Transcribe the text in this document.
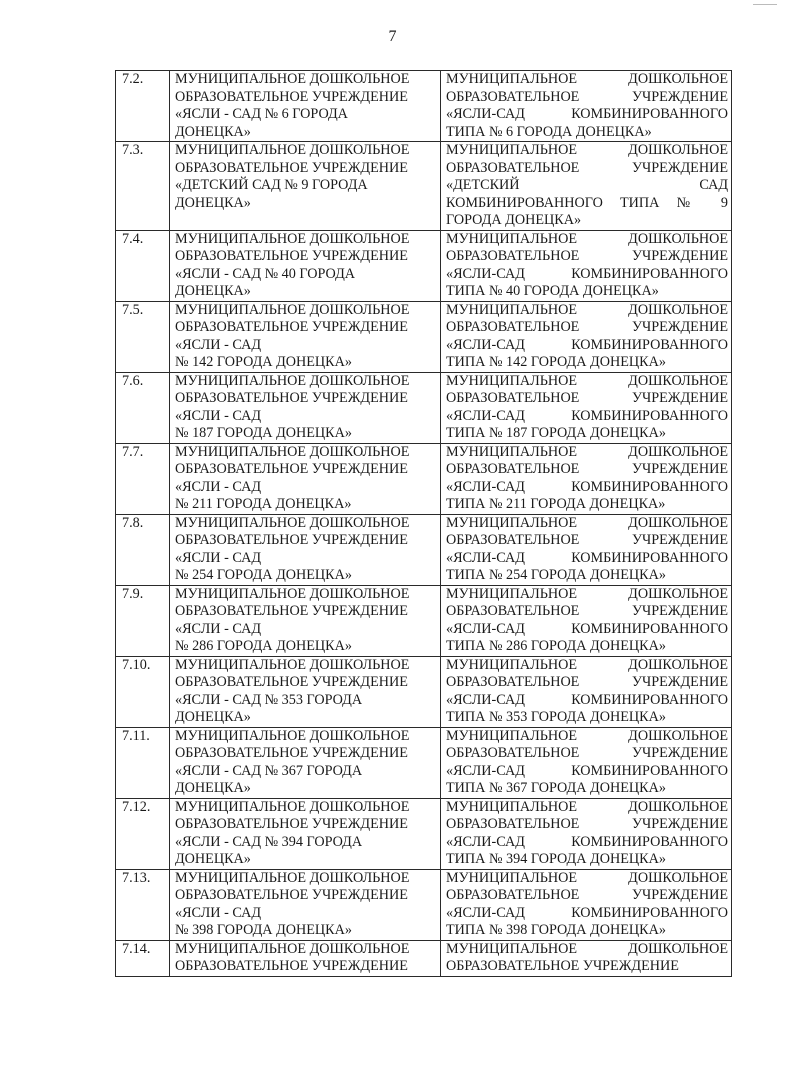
7
7.2.	МУНИЦИПАЛЬНОЕ ДОШКОЛЬНОЕ
ОБРАЗОВАТЕЛЬНОЕ УЧРЕЖДЕНИЕ
«ЯСЛИ - САД № 6 ГОРОДА
ДОНЕЦКА»	МУНИЦИПАЛЬНОЕ ДОШКОЛЬНОЕ
ОБРАЗОВАТЕЛЬНОЕ УЧРЕЖДЕНИЕ
«ЯСЛИ-САД КОМБИНИРОВАННОГО
ТИПА № 6 ГОРОДА ДОНЕЦКА»

7.3.	МУНИЦИПАЛЬНОЕ ДОШКОЛЬНОЕ
ОБРАЗОВАТЕЛЬНОЕ УЧРЕЖДЕНИЕ
«ДЕТСКИЙ САД № 9 ГОРОДА
ДОНЕЦКА»	МУНИЦИПАЛЬНОЕ ДОШКОЛЬНОЕ
ОБРАЗОВАТЕЛЬНОЕ УЧРЕЖДЕНИЕ
«ДЕТСКИЙ САД
КОМБИНИРОВАННОГО ТИПА № 9
ГОРОДА ДОНЕЦКА»

7.4.	МУНИЦИПАЛЬНОЕ ДОШКОЛЬНОЕ
ОБРАЗОВАТЕЛЬНОЕ УЧРЕЖДЕНИЕ
«ЯСЛИ - САД № 40 ГОРОДА
ДОНЕЦКА»	МУНИЦИПАЛЬНОЕ ДОШКОЛЬНОЕ
ОБРАЗОВАТЕЛЬНОЕ УЧРЕЖДЕНИЕ
«ЯСЛИ-САД КОМБИНИРОВАННОГО
ТИПА № 40 ГОРОДА ДОНЕЦКА»

7.5.	МУНИЦИПАЛЬНОЕ ДОШКОЛЬНОЕ
ОБРАЗОВАТЕЛЬНОЕ УЧРЕЖДЕНИЕ
«ЯСЛИ - САД
№ 142 ГОРОДА ДОНЕЦКА»	МУНИЦИПАЛЬНОЕ ДОШКОЛЬНОЕ
ОБРАЗОВАТЕЛЬНОЕ УЧРЕЖДЕНИЕ
«ЯСЛИ-САД КОМБИНИРОВАННОГО
ТИПА № 142 ГОРОДА ДОНЕЦКА»

7.6.	МУНИЦИПАЛЬНОЕ ДОШКОЛЬНОЕ
ОБРАЗОВАТЕЛЬНОЕ УЧРЕЖДЕНИЕ
«ЯСЛИ - САД
№ 187 ГОРОДА ДОНЕЦКА»	МУНИЦИПАЛЬНОЕ ДОШКОЛЬНОЕ
ОБРАЗОВАТЕЛЬНОЕ УЧРЕЖДЕНИЕ
«ЯСЛИ-САД КОМБИНИРОВАННОГО
ТИПА № 187 ГОРОДА ДОНЕЦКА»

7.7.	МУНИЦИПАЛЬНОЕ ДОШКОЛЬНОЕ
ОБРАЗОВАТЕЛЬНОЕ УЧРЕЖДЕНИЕ
«ЯСЛИ - САД
№ 211 ГОРОДА ДОНЕЦКА»	МУНИЦИПАЛЬНОЕ ДОШКОЛЬНОЕ
ОБРАЗОВАТЕЛЬНОЕ УЧРЕЖДЕНИЕ
«ЯСЛИ-САД КОМБИНИРОВАННОГО
ТИПА № 211 ГОРОДА ДОНЕЦКА»

7.8.	МУНИЦИПАЛЬНОЕ ДОШКОЛЬНОЕ
ОБРАЗОВАТЕЛЬНОЕ УЧРЕЖДЕНИЕ
«ЯСЛИ - САД
№ 254 ГОРОДА ДОНЕЦКА»	МУНИЦИПАЛЬНОЕ ДОШКОЛЬНОЕ
ОБРАЗОВАТЕЛЬНОЕ УЧРЕЖДЕНИЕ
«ЯСЛИ-САД КОМБИНИРОВАННОГО
ТИПА № 254 ГОРОДА ДОНЕЦКА»

7.9.	МУНИЦИПАЛЬНОЕ ДОШКОЛЬНОЕ
ОБРАЗОВАТЕЛЬНОЕ УЧРЕЖДЕНИЕ
«ЯСЛИ - САД
№ 286 ГОРОДА ДОНЕЦКА»	МУНИЦИПАЛЬНОЕ ДОШКОЛЬНОЕ
ОБРАЗОВАТЕЛЬНОЕ УЧРЕЖДЕНИЕ
«ЯСЛИ-САД КОМБИНИРОВАННОГО
ТИПА № 286 ГОРОДА ДОНЕЦКА»

7.10.	МУНИЦИПАЛЬНОЕ ДОШКОЛЬНОЕ
ОБРАЗОВАТЕЛЬНОЕ УЧРЕЖДЕНИЕ
«ЯСЛИ - САД № 353 ГОРОДА
ДОНЕЦКА»	МУНИЦИПАЛЬНОЕ ДОШКОЛЬНОЕ
ОБРАЗОВАТЕЛЬНОЕ УЧРЕЖДЕНИЕ
«ЯСЛИ-САД КОМБИНИРОВАННОГО
ТИПА № 353 ГОРОДА ДОНЕЦКА»

7.11.	МУНИЦИПАЛЬНОЕ ДОШКОЛЬНОЕ
ОБРАЗОВАТЕЛЬНОЕ УЧРЕЖДЕНИЕ
«ЯСЛИ - САД № 367 ГОРОДА
ДОНЕЦКА»	МУНИЦИПАЛЬНОЕ ДОШКОЛЬНОЕ
ОБРАЗОВАТЕЛЬНОЕ УЧРЕЖДЕНИЕ
«ЯСЛИ-САД КОМБИНИРОВАННОГО
ТИПА № 367 ГОРОДА ДОНЕЦКА»

7.12.	МУНИЦИПАЛЬНОЕ ДОШКОЛЬНОЕ
ОБРАЗОВАТЕЛЬНОЕ УЧРЕЖДЕНИЕ
«ЯСЛИ - САД № 394 ГОРОДА
ДОНЕЦКА»	МУНИЦИПАЛЬНОЕ ДОШКОЛЬНОЕ
ОБРАЗОВАТЕЛЬНОЕ УЧРЕЖДЕНИЕ
«ЯСЛИ-САД КОМБИНИРОВАННОГО
ТИПА № 394 ГОРОДА ДОНЕЦКА»

7.13.	МУНИЦИПАЛЬНОЕ ДОШКОЛЬНОЕ
ОБРАЗОВАТЕЛЬНОЕ УЧРЕЖДЕНИЕ
«ЯСЛИ - САД
№ 398 ГОРОДА ДОНЕЦКА»	МУНИЦИПАЛЬНОЕ ДОШКОЛЬНОЕ
ОБРАЗОВАТЕЛЬНОЕ УЧРЕЖДЕНИЕ
«ЯСЛИ-САД КОМБИНИРОВАННОГО
ТИПА № 398 ГОРОДА ДОНЕЦКА»

7.14.	МУНИЦИПАЛЬНОЕ ДОШКОЛЬНОЕ
ОБРАЗОВАТЕЛЬНОЕ УЧРЕЖДЕНИЕ	МУНИЦИПАЛЬНОЕ ДОШКОЛЬНОЕ
ОБРАЗОВАТЕЛЬНОЕ УЧРЕЖДЕНИЕ
